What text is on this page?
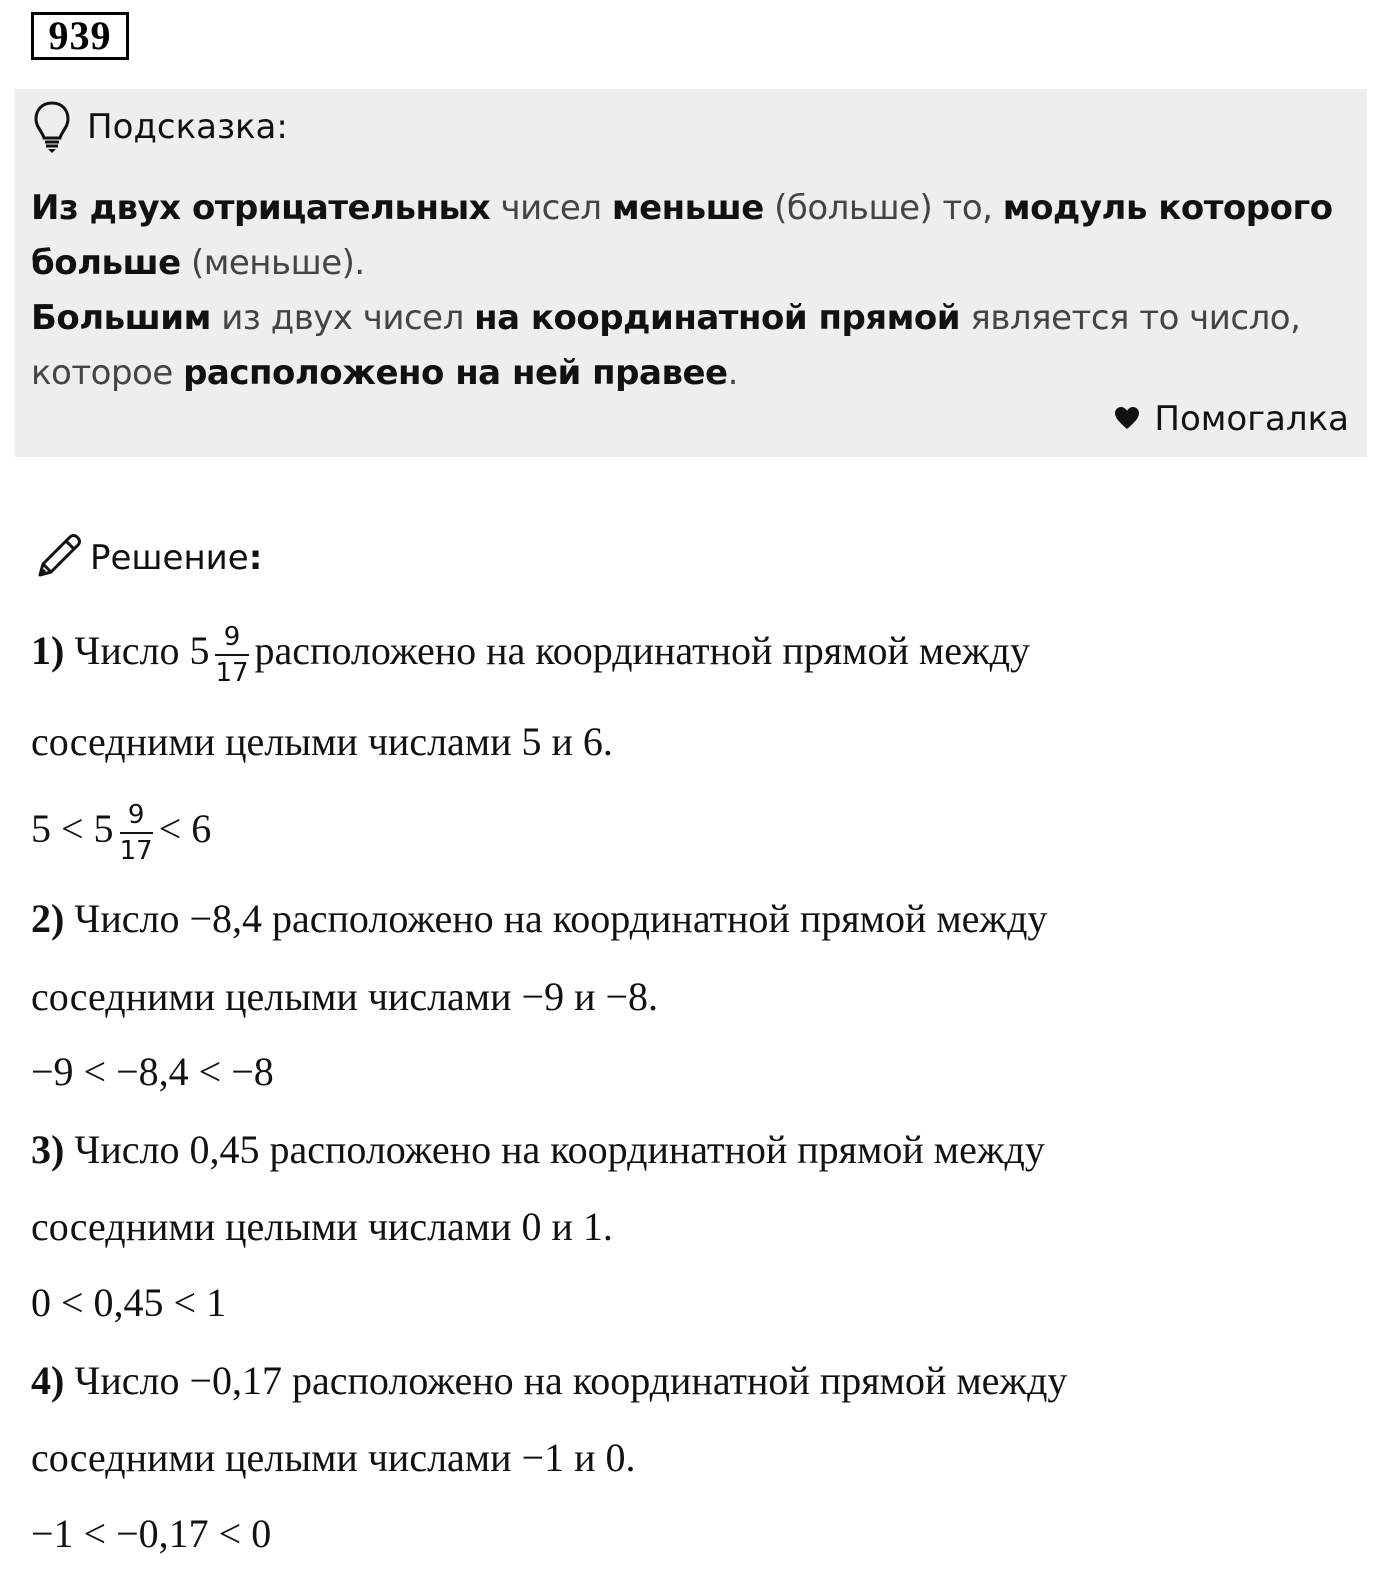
939
Подсказка:
Из двух отрицательных чисел меньше (больше) то, модуль которого
больше (меньше).
Большим из двух чисел на координатной прямой является то число,
которое расположено на ней правее.
Помогалка
Решение:
1) Число $5 \frac{9}{17}$ расположено на координатной прямой между
соседними целыми числами 5 и 6.
$5 < 5 \frac{9}{17} < 6$
2) Число −8,4 расположено на координатной прямой между
соседними целыми числами −9 и −8.
−9 < −8,4 < −8
3) Число 0,45 расположено на координатной прямой между
соседними целыми числами 0 и 1.
0 < 0,45 < 1
4) Число −0,17 расположено на координатной прямой между
соседними целыми числами −1 и 0.
−1 < −0,17 < 0
